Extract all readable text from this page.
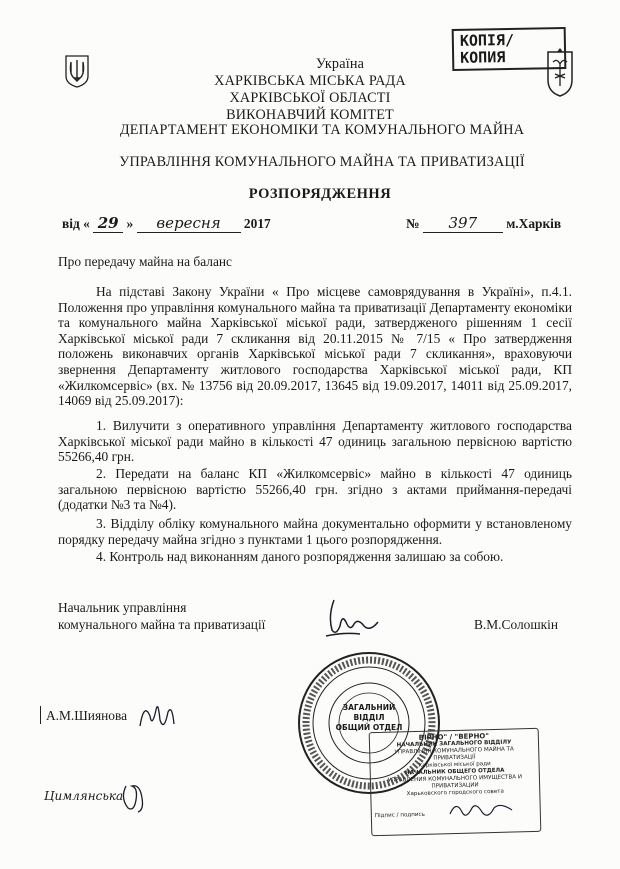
КОПІЯ/
КОПИЯ
Україна
ХАРКІВСЬКА МІСЬКА РАДА
ХАРКІВСЬКОЇ ОБЛАСТІ
ВИКОНАВЧИЙ КОМІТЕТ
ДЕПАРТАМЕНТ ЕКОНОМІКИ ТА КОМУНАЛЬНОГО МАЙНА
УПРАВЛІННЯ КОМУНАЛЬНОГО МАЙНА ТА ПРИВАТИЗАЦІЇ
РОЗПОРЯДЖЕННЯ
від « 29 » вересня 2017	№ 397 м.Харків
Про передачу майна на баланс
На підставі Закону України « Про місцеве самоврядування в Україні», п.4.1. Положення про управління комунального майна та приватизації Департаменту економіки та комунального майна Харківської міської ради, затвердженого рішенням 1 сесії Харківської міської ради 7 скликання від 20.11.2015 № 7/15 « Про затвердження положень виконавчих органів Харківської міської ради 7 скликання», враховуючи звернення Департаменту житлового господарства Харківської міської ради, КП «Жилкомсервіс» (вх. № 13756 від 20.09.2017, 13645 від 19.09.2017, 14011 від 25.09.2017, 14069 від 25.09.2017):
1. Вилучити з оперативного управління Департаменту житлового господарства Харківської міської ради майно в кількості 47 одиниць загальною первісною вартістю 55266,40 грн.
2. Передати на баланс КП «Жилкомсервіс» майно в кількості 47 одиниць загальною первісною вартістю 55266,40 грн. згідно з актами приймання-передачі (додатки №3 та №4).
3. Відділу обліку комунального майна документально оформити у встановленому порядку передачу майна згідно з пунктами 1 цього розпорядження.
4. Контроль над виконанням даного розпорядження залишаю за собою.
Начальник управління
комунального майна та приватизації	В.М.Солошкін
ЗАГАЛЬНИЙ
ВІДДІЛ
ОБЩИЙ ОТДЕЛ
ВІРНО" / "ВЕРНО"
НАЧАЛЬНИК ЗАГАЛЬНОГО ВІДДІЛУ
УПРАВЛІННЯ КОМУНАЛЬНОГО МАЙНА ТА ПРИВАТИЗАЦІЇ
Харківської міської ради
НАЧАЛЬНИК ОБЩЕГО ОТДЕЛА
УПРАВЛЕНИЯ КОМУНАЛЬНОГО ИМУЩЕСТВА И ПРИВАТИЗАЦИИ
Харьковского городского совета
Підпис / подпись
А.М.Шиянова
Цимлянська
